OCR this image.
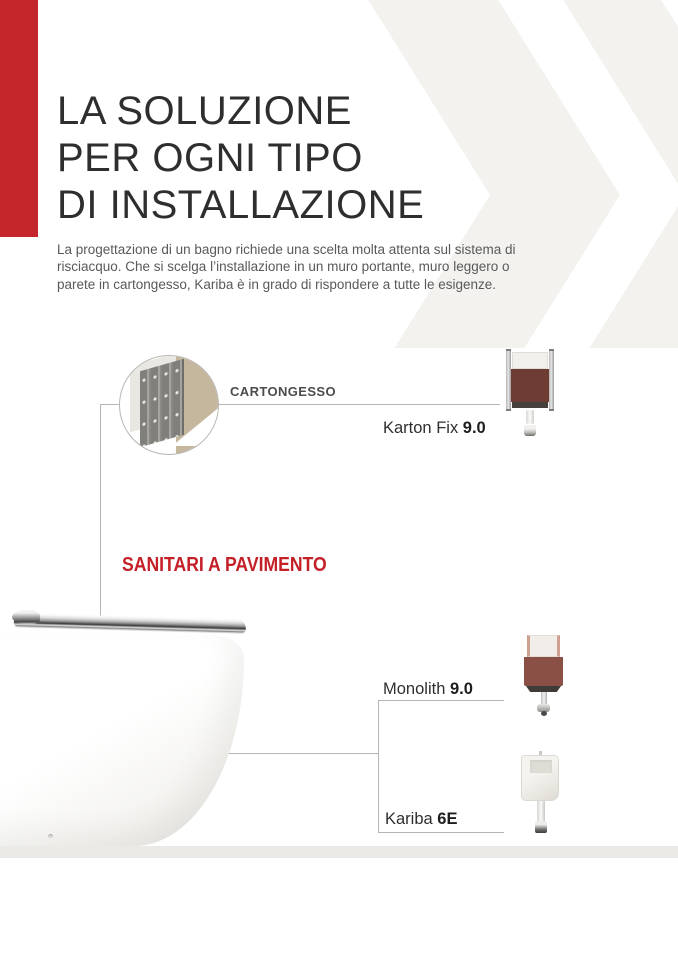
LA SOLUZIONE
PER OGNI TIPO
DI INSTALLAZIONE

La progettazione di un bagno richiede una scelta molta attenta sul sistema di risciacquo. Che si scelga l’installazione in un muro portante, muro leggero o parete in cartongesso, Kariba è in grado di rispondere a tutte le esigenze.

CARTONGESSO
SANITARI A PAVIMENTO
Karton Fix 9.0
Monolith 9.0
Kariba 6E
